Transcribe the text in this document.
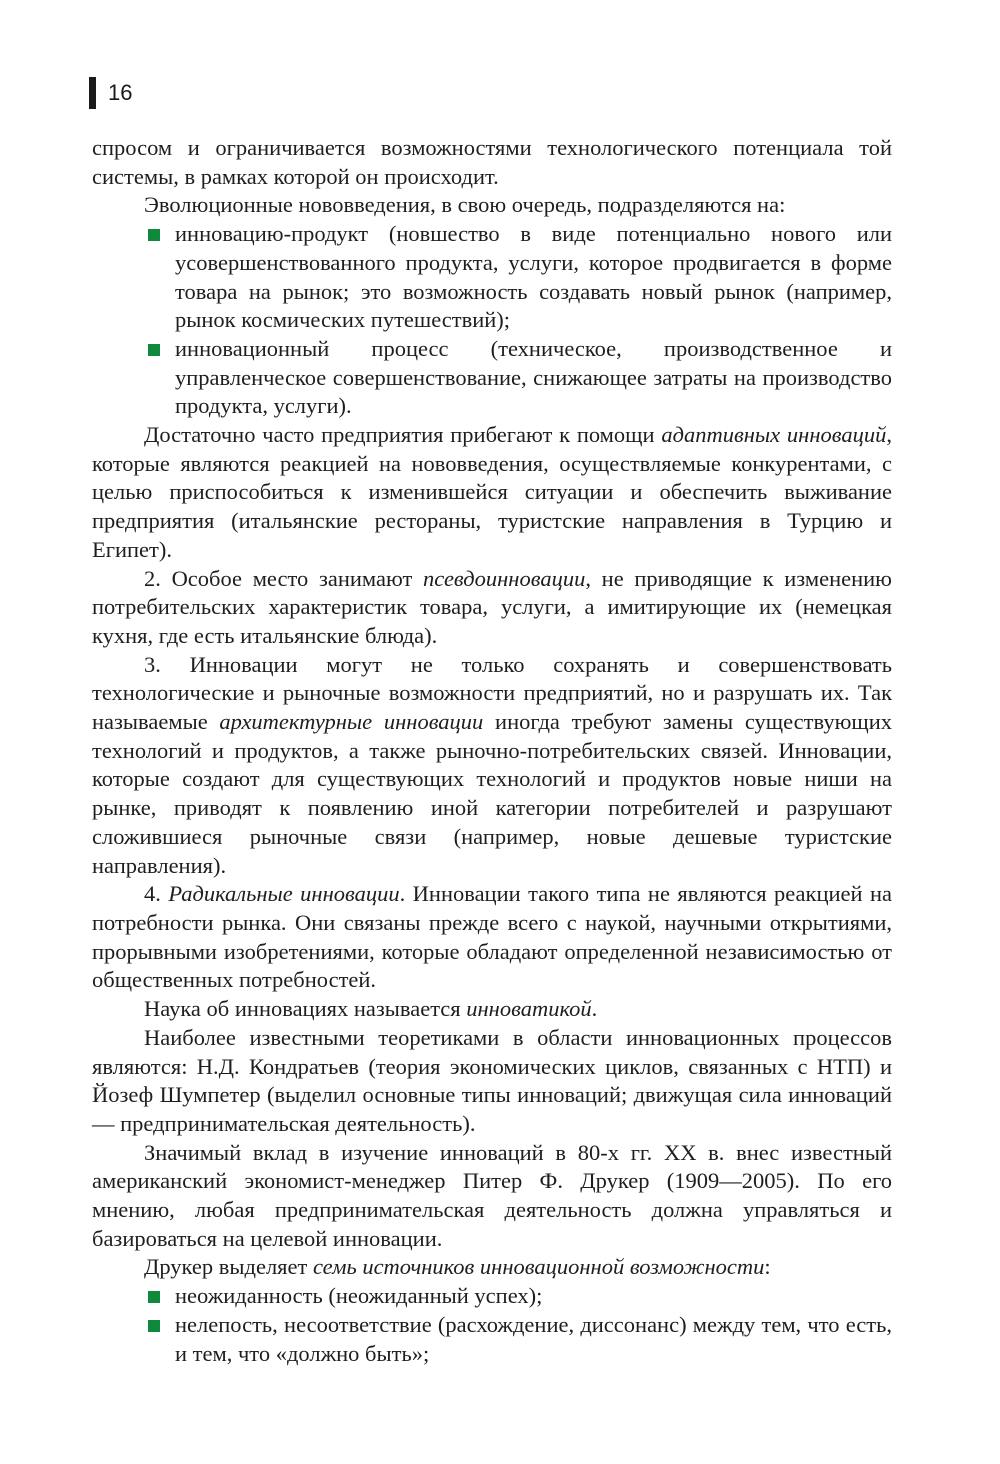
16

спросом и ограничивается возможностями технологического потенциала той системы, в рамках которой он происходит.

Эволюционные нововведения, в свою очередь, подразделяются на:

инновацию-продукт (новшество в виде потенциально нового или усовершенствованного продукта, услуги, которое продвигается в форме товара на рынок; это возможность создавать новый рынок (например, рынок космических путешествий);
инновационный процесс (техническое, производственное и управленческое совершенствование, снижающее затраты на производство продукта, услуги).

Достаточно часто предприятия прибегают к помощи адаптивных инноваций, которые являются реакцией на нововведения, осуществляемые конкурентами, с целью приспособиться к изменившейся ситуации и обеспечить выживание предприятия (итальянские рестораны, туристские направления в Турцию и Египет).

2. Особое место занимают псевдоинновации, не приводящие к изменению потребительских характеристик товара, услуги, а имитирующие их (немецкая кухня, где есть итальянские блюда).

3. Инновации могут не только сохранять и совершенствовать технологические и рыночные возможности предприятий, но и разрушать их. Так называемые архитектурные инновации иногда требуют замены существующих технологий и продуктов, а также рыночно-потребительских связей. Инновации, которые создают для существующих технологий и продуктов новые ниши на рынке, приводят к появлению иной категории потребителей и разрушают сложившиеся рыночные связи (например, новые дешевые туристские направления).

4. Радикальные инновации. Инновации такого типа не являются реакцией на потребности рынка. Они связаны прежде всего с наукой, научными открытиями, прорывными изобретениями, которые обладают определенной независимостью от общественных потребностей.

Наука об инновациях называется инноватикой.

Наиболее известными теоретиками в области инновационных процессов являются: Н.Д. Кондратьев (теория экономических циклов, связанных с НТП) и Йозеф Шумпетер (выделил основные типы инноваций; движущая сила инноваций — предпринимательская деятельность).

Значимый вклад в изучение инноваций в 80-х гг. XX в. внес известный американский экономист-менеджер Питер Ф. Друкер (1909—2005). По его мнению, любая предпринимательская деятельность должна управляться и базироваться на целевой инновации.

Друкер выделяет семь источников инновационной возможности:

неожиданность (неожиданный успех);
нелепость, несоответствие (расхождение, диссонанс) между тем, что есть, и тем, что «должно быть»;
